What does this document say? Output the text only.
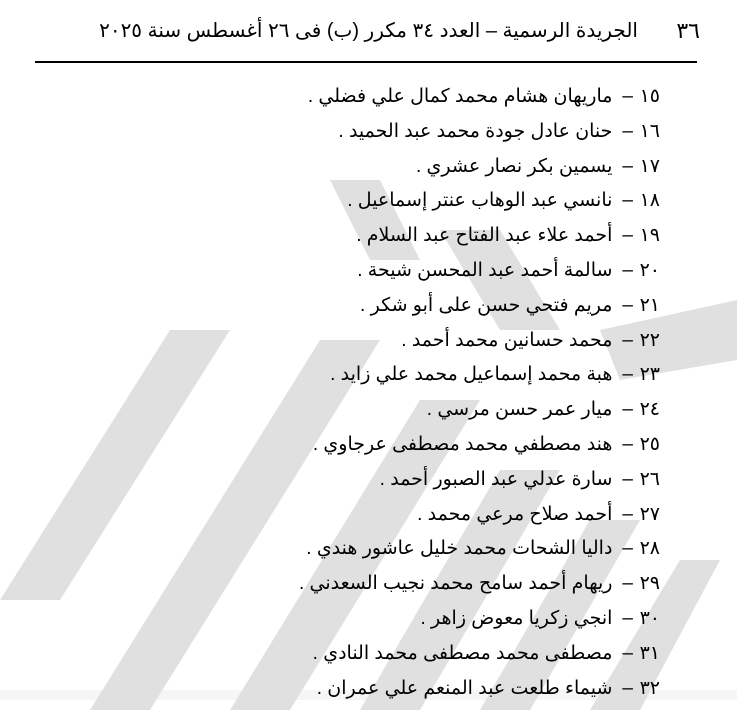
٣٦
الجريدة الرسمية – العدد ٣٤ مكرر (ب) فى ٢٦ أغسطس سنة ٢٠٢٥
١٥–ماريهان هشام محمد كمال علي فضلي .
١٦–حنان عادل جودة محمد عبد الحميد .
١٧–يسمين بكر نصار عشري .
١٨–نانسي عبد الوهاب عنتر إسماعيل .
١٩–أحمد علاء عبد الفتاح عبد السلام .
٢٠–سالمة أحمد عبد المحسن شيحة .
٢١–مريم فتحي حسن على أبو شكر .
٢٢–محمد حسانين محمد أحمد .
٢٣–هبة محمد إسماعيل محمد علي زايد .
٢٤–ميار عمر حسن مرسي .
٢٥–هند مصطفي محمد مصطفى عرجاوي .
٢٦–سارة عدلي عبد الصبور أحمد .
٢٧–أحمد صلاح مرعي محمد .
٢٨–داليا الشحات محمد خليل عاشور هندي .
٢٩–ريهام أحمد سامح محمد نجيب السعدني .
٣٠–انجي زكريا معوض زاهر .
٣١–مصطفى محمد مصطفى محمد النادي .
٣٢–شيماء طلعت عبد المنعم علي عمران .
